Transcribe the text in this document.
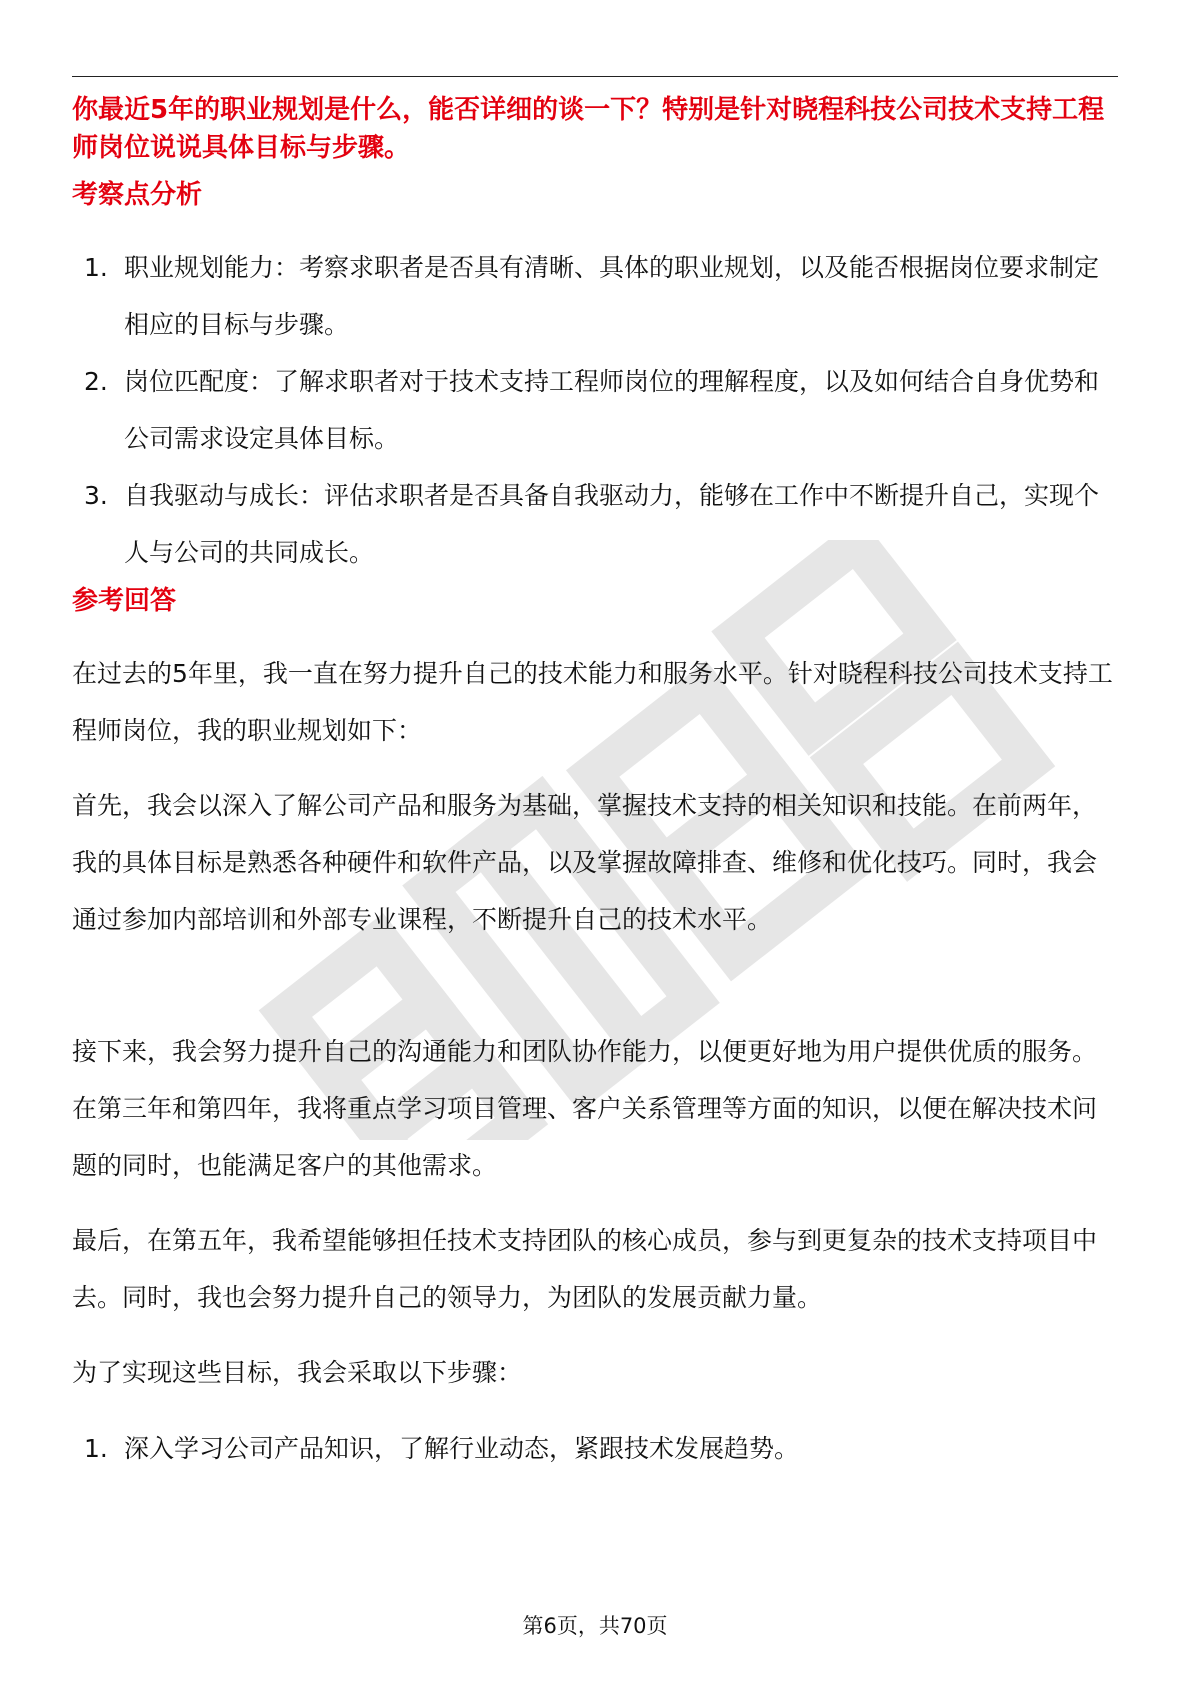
你最近5年的职业规划是什么，能否详细的谈一下？特别是针对晓程科技公司技术支持工程师岗位说说具体目标与步骤。

考察点分析
1. 职业规划能力：考察求职者是否具有清晰、具体的职业规划，以及能否根据岗位要求制定相应的目标与步骤。
2. 岗位匹配度：了解求职者对于技术支持工程师岗位的理解程度，以及如何结合自身优势和公司需求设定具体目标。
3. 自我驱动与成长：评估求职者是否具备自我驱动力，能够在工作中不断提升自己，实现个人与公司的共同成长。
参考回答

在过去的5年里，我一直在努力提升自己的技术能力和服务水平。针对晓程科技公司技术支持工程师岗位，我的职业规划如下：

首先，我会以深入了解公司产品和服务为基础，掌握技术支持的相关知识和技能。在前两年，我的具体目标是熟悉各种硬件和软件产品，以及掌握故障排查、维修和优化技巧。同时，我会通过参加内部培训和外部专业课程，不断提升自己的技术水平。

接下来，我会努力提升自己的沟通能力和团队协作能力，以便更好地为用户提供优质的服务。在第三年和第四年，我将重点学习项目管理、客户关系管理等方面的知识，以便在解决技术问题的同时，也能满足客户的其他需求。

最后，在第五年，我希望能够担任技术支持团队的核心成员，参与到更复杂的技术支持项目中去。同时，我也会努力提升自己的领导力，为团队的发展贡献力量。

为了实现这些目标，我会采取以下步骤：

1. 深入学习公司产品知识，了解行业动态，紧跟技术发展趋势。
第6页，共70页
